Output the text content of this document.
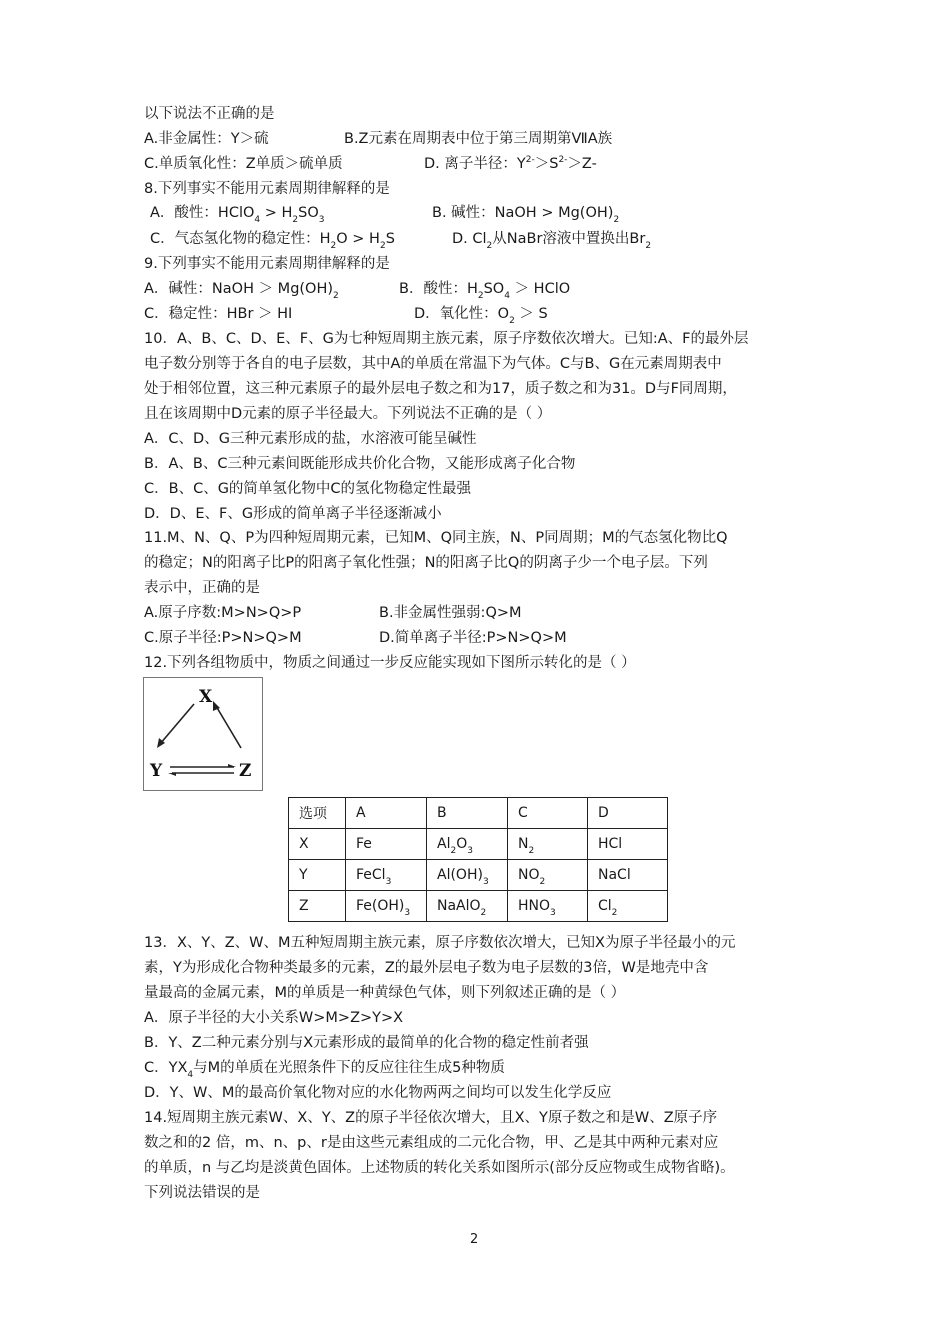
以下说法不正确的是
A.非金属性：Y＞硫	B.Z元素在周期表中位于第三周期第ⅦA族
C.单质氧化性：Z单质＞硫单质	D. 离子半径：$Y^{2-}>S^{2-}>Z-$
8.下列事实不能用元素周期律解释的是
A．酸性：HClO$_4$ > $H_2SO_3$	B. 碱性：NaOH > $Mg(OH)_2$
C．气态氢化物的稳定性：$H_2O > H_2S$	D. $Cl_2$从NaBr溶液中置换出$Br_2$
9.下列事实不能用元素周期律解释的是
A．碱性：NaOH ＞ $Mg(OH)_2$	B．酸性：$H_2SO_4$ ＞ HClO
C．稳定性：HBr ＞ HI	D．氧化性：$O_2 > S$
10．A、B、C、D、E、F、G为七种短周期主族元素，原子序数依次增大。已知:A、F的最外层
电子数分别等于各自的电子层数，其中A的单质在常温下为气体。C与B、G在元素周期表中
处于相邻位置，这三种元素原子的最外层电子数之和为17，质子数之和为31。D与F同周期，
且在该周期中D元素的原子半径最大。下列说法不正确的是（ ）
A．C、D、G三种元素形成的盐，水溶液可能呈碱性
B．A、B、C三种元素间既能形成共价化合物，又能形成离子化合物
C．B、C、G的简单氢化物中C的氢化物稳定性最强
D．D、E、F、G形成的简单离子半径逐渐减小
11.M、N、Q、P为四种短周期元素，已知M、Q同主族，N、P同周期；M的气态氢化物比Q
的稳定；N的阳离子比P的阳离子氧化性强；N的阳离子比Q的阴离子少一个电子层。下列
表示中，正确的是
A.原子序数:M>N>Q>P	B.非金属性强弱:Q>M
C.原子半径:P>N>Q>M	D.简单离子半径:P>N>Q>M
12.下列各组物质中，物质之间通过一步反应能实现如下图所示转化的是（ ）
X
Y	Z
选项	A	B	C	D
X	Fe	$Al_2O_3$	$N_2$	HCl
Y	FeCl$_3$	$Al(OH)_3$	$NO_2$	NaCl
Z	$Fe(OH)_3$	NaAlO$_2$	$HNO_3$	$Cl_2$
13．X、Y、Z、W、M五种短周期主族元素，原子序数依次增大，已知X为原子半径最小的元
素，Y为形成化合物种类最多的元素，Z的最外层电子数为电子层数的3倍，W是地壳中含
量最高的金属元素，M的单质是一种黄绿色气体，则下列叙述正确的是（ ）
A．原子半径的大小关系W>M>Z>Y>X
B．Y、Z二种元素分别与X元素形成的最简单的化合物的稳定性前者强
C．$YX_4$与M的单质在光照条件下的反应往往生成5种物质
D．Y、W、M的最高价氧化物对应的水化物两两之间均可以发生化学反应
14.短周期主族元素W、X、Y、Z的原子半径依次增大，且X、Y原子数之和是W、Z原子序
数之和的2 倍，m、n、p、r是由这些元素组成的二元化合物，甲、乙是其中两种元素对应
的单质，n 与乙均是淡黄色固体。上述物质的转化关系如图所示(部分反应物或生成物省略)。
下列说法错误的是
2
